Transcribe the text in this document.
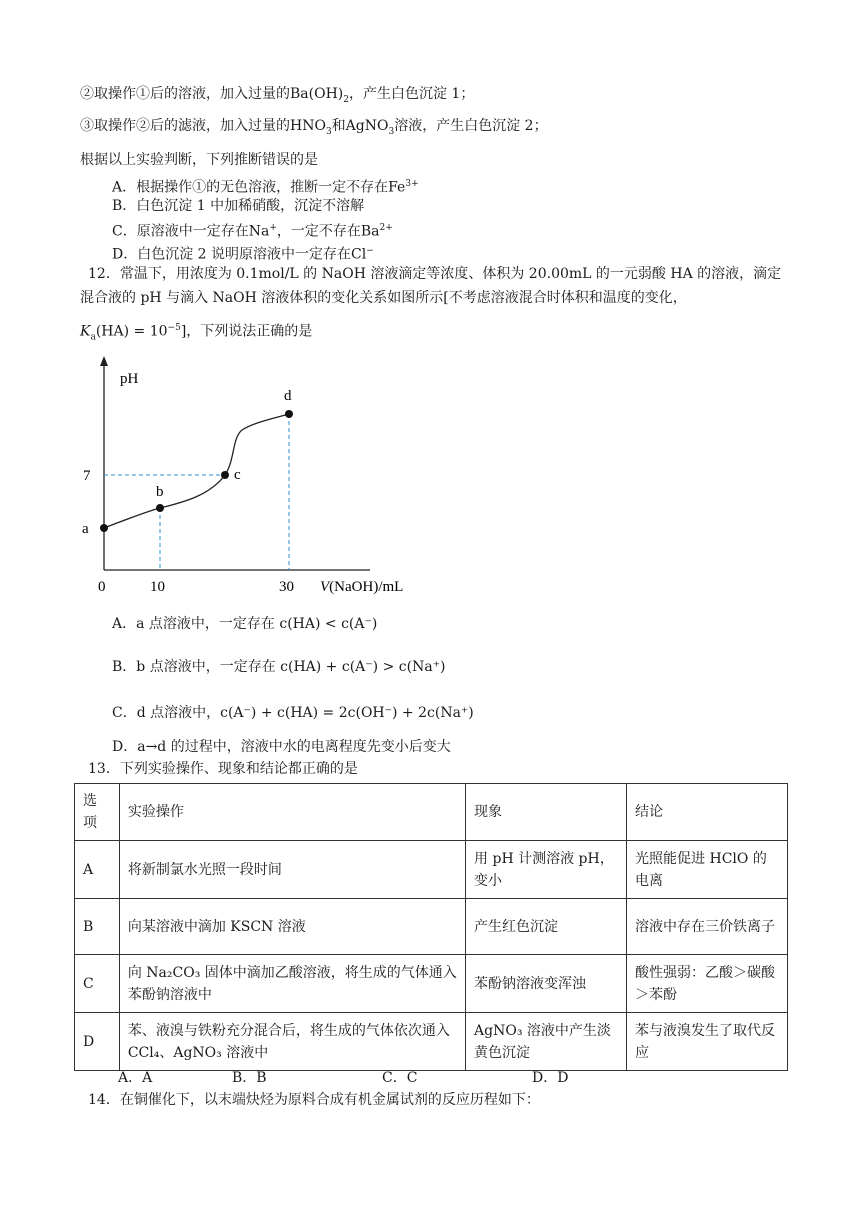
②取操作①后的溶液，加入过量的$Ba(OH)_2$，产生白色沉淀 1；
③取操作②后的滤液，加入过量的$HNO_3$和AgNO$_3$溶液，产生白色沉淀 2；
根据以上实验判断，下列推断错误的是
A．根据操作①的无色溶液，推断一定不存在$Fe^{3+}$
B．白色沉淀 1 中加稀硝酸，沉淀不溶解
C．原溶液中一定存在Na+，一定不存在$Ba^{2+}$
D．白色沉淀 2 说明原溶液中一定存在Cl−
12．常温下，用浓度为 0.1mol/L 的 NaOH 溶液滴定等浓度、体积为 20.00mL 的一元弱酸 HA 的溶液，滴定
混合液的 pH 与滴入 NaOH 溶液体积的变化关系如图所示[不考虑溶液混合时体积和温度的变化，
$K_a(HA) = 10^{-5}$]，下列说法正确的是
pH
a
b
c
d
7
0	10	30 V(NaOH)/mL
A．a 点溶液中，一定存在 c(HA) < c(A⁻)
B．b 点溶液中，一定存在 c(HA) + c(A⁻) > c(Na⁺)
C．d 点溶液中，c(A⁻) + c(HA) = 2c(OH⁻) + 2c(Na⁺)
D．a→d 的过程中，溶液中水的电离程度先变小后变大
13．下列实验操作、现象和结论都正确的是
选项	实验操作	现象	结论
A	将新制氯水光照一段时间	用 pH 计测溶液 pH，变小	光照能促进 HClO 的电离
B	向某溶液中滴加 KSCN 溶液	产生红色沉淀	溶液中存在三价铁离子
C	向 Na₂CO₃ 固体中滴加乙酸溶液，将生成的气体通入苯酚钠溶液中	苯酚钠溶液变浑浊	酸性强弱：乙酸＞碳酸＞苯酚
D	苯、液溴与铁粉充分混合后，将生成的气体依次通入 CCl₄、AgNO₃ 溶液中	AgNO₃ 溶液中产生淡黄色沉淀	苯与液溴发生了取代反应
A．A	B．B	C．C	D．D
14．在铜催化下，以末端炔烃为原料合成有机金属试剂的反应历程如下：
